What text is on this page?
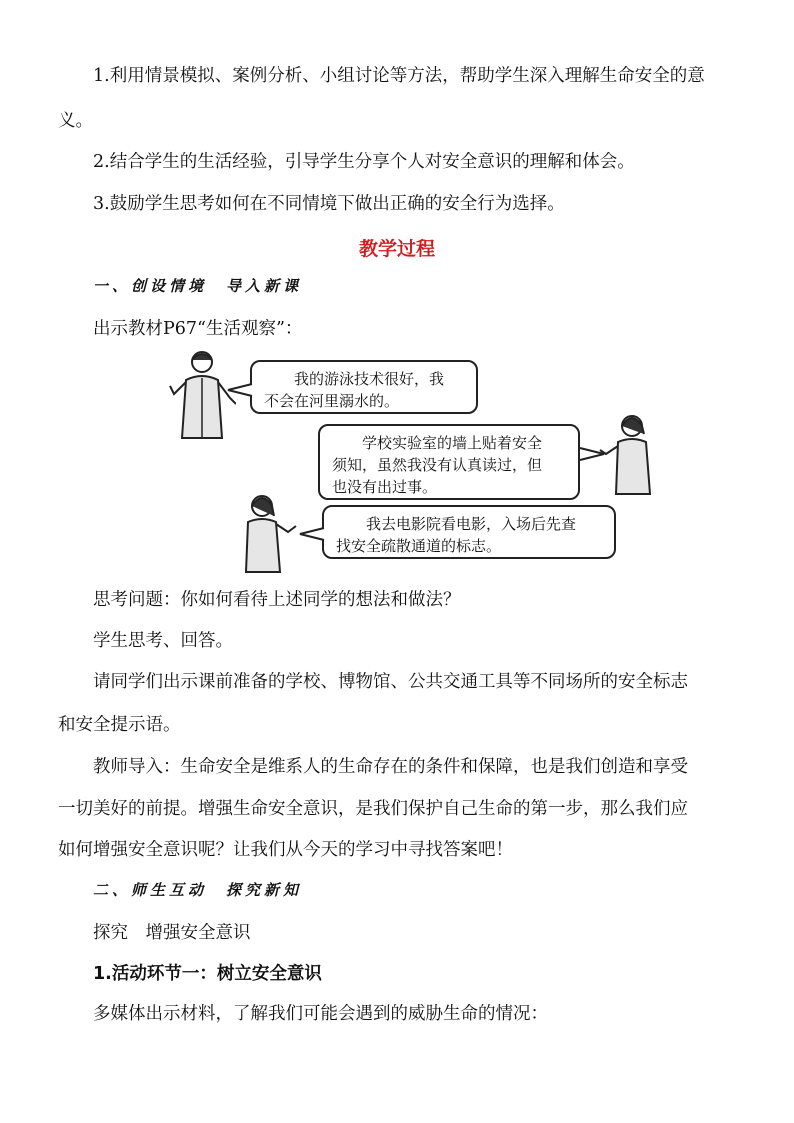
1.利用情景模拟、案例分析、小组讨论等方法，帮助学生深入理解生命安全的意
义。
2.结合学生的生活经验，引导学生分享个人对安全意识的理解和体会。
3.鼓励学生思考如何在不同情境下做出正确的安全行为选择。
教学过程
一、创设情境　导入新课
出示教材P67“生活观察”：
我的游泳技术很好，我
不会在河里溺水的。
学校实验室的墙上贴着安全
须知，虽然我没有认真读过，但
也没有出过事。
我去电影院看电影，入场后先查
找安全疏散通道的标志。
思考问题：你如何看待上述同学的想法和做法？
学生思考、回答。
请同学们出示课前准备的学校、博物馆、公共交通工具等不同场所的安全标志
和安全提示语。
教师导入：生命安全是维系人的生命存在的条件和保障，也是我们创造和享受
一切美好的前提。增强生命安全意识，是我们保护自己生命的第一步，那么我们应
如何增强安全意识呢？让我们从今天的学习中寻找答案吧！
二、师生互动　探究新知
探究　增强安全意识
1.活动环节一：树立安全意识
多媒体出示材料，了解我们可能会遇到的威胁生命的情况：
